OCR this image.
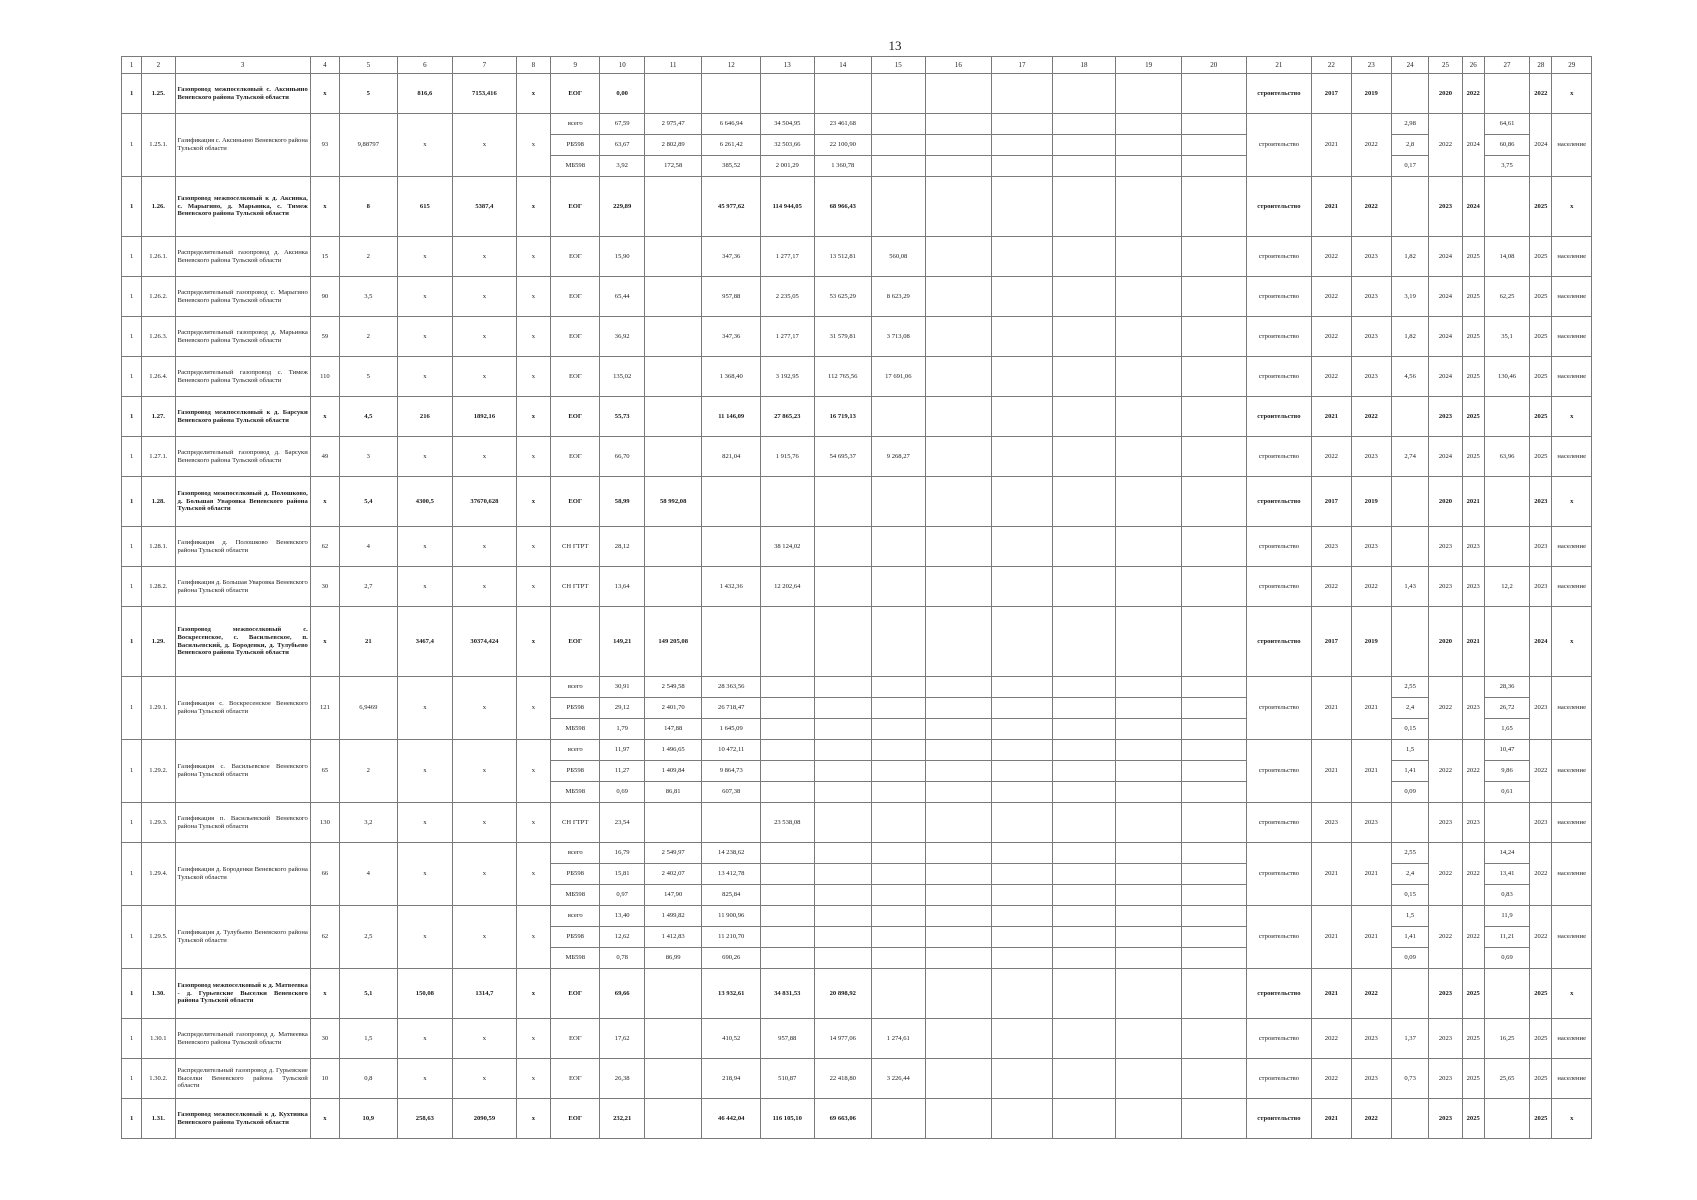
13
1	2	3	4	5	6	7	8	9	10	11	12	13	14	15	16	17	18	19	20	21	22	23	24	25	26	27	28	29
1	1.25.	Газопровод межпоселковый с. Аксиньино Веневского района Тульской области	х	5	816,6	7153,416	х	ЕОГ	0,00											строительство	2017	2019		2020	2022		2022	х
1	1.25.1.	Газификация с. Аксиньино Веневского района Тульской области	93	9,88797	х	х	х	всего	67,59	2 975,47	6 646,94	34 504,95	23 461,68							строительство	2021	2022	2,98	2022	2024	64,61	2024	население
								РБ598	63,67	2 802,89	6 261,42	32 503,66	22 100,90										2,8			60,86		
								МБ598	3,92	172,58	385,52	2 001,29	1 360,78										0,17			3,75		
1	1.26.	Газопровод межпоселковый к д. Аксинка, с. Марыгино, д. Марьинка, с. Тимеж Веневского района Тульской области	х	8	615	5387,4	х	ЕОГ	229,89		45 977,62	114 944,05	68 966,43							строительство	2021	2022		2023	2024		2025	х
1	1.26.1.	Распределительный газопровод д. Аксинка Веневского района Тульской области	15	2	х	х	х	ЕОГ	15,90		347,36	1 277,17	13 512,81	560,08						строительство	2022	2023	1,82	2024	2025	14,08	2025	население
1	1.26.2.	Распределительный газопровод с. Марыгино Веневского района Тульской области	90	3,5	х	х	х	ЕОГ	65,44		957,88	2 235,05	53 625,29	8 623,29						строительство	2022	2023	3,19	2024	2025	62,25	2025	население
1	1.26.3.	Распределительный газопровод д. Марьинка Веневского района Тульской области	59	2	х	х	х	ЕОГ	36,92		347,36	1 277,17	31 579,81	3 713,08						строительство	2022	2023	1,82	2024	2025	35,1	2025	население
1	1.26.4.	Распределительный газопровод с. Тимеж Веневского района Тульской области	110	5	х	х	х	ЕОГ	135,02		1 368,40	3 192,95	112 765,56	17 691,06						строительство	2022	2023	4,56	2024	2025	130,46	2025	население
1	1.27.	Газопровод межпоселковый к д. Барсуки Веневского района Тульской области	х	4,5	216	1892,16	х	ЕОГ	55,73		11 146,09	27 865,23	16 719,13							строительство	2021	2022		2023	2025		2025	х
1	1.27.1.	Распределительный газопровод д. Барсуки Веневского района Тульской области	49	3	х	х	х	ЕОГ	66,70		821,04	1 915,76	54 695,37	9 268,27						строительство	2022	2023	2,74	2024	2025	63,96	2025	население
1	1.28.	Газопровод межпоселковый д. Полошково, д. Большая Уваровка Веневского района Тульской области	х	5,4	4300,5	37670,628	х	ЕОГ	58,99	58 992,08										строительство	2017	2019		2020	2021		2023	х
1	1.28.1.	Газификация д. Полошково Веневского района Тульской области	62	4	х	х	х	СН ГТРТ	28,12			38 124,02								строительство	2023	2023		2023	2023		2023	население
1	1.28.2.	Газификация д. Большая Уваровка Веневского района Тульской области	30	2,7	х	х	х	СН ГТРТ	13,64		1 432,36	12 202,64								строительство	2022	2022	1,43	2023	2023	12,2	2023	население
1	1.29.	Газопровод межпоселковый с. Воскресенское, с. Васильевское, п. Васильевский, д. Бороденки, д. Тулубьево Веневского района Тульской области	х	21	3467,4	30374,424	х	ЕОГ	149,21	149 205,08										строительство	2017	2019		2020	2021		2024	х
1	1.29.1.	Газификация с. Воскресенское Веневского района Тульской области	121	6,9469	х	х	х	всего	30,91	2 549,58	28 363,56									строительство	2021	2021	2,55	2022	2023	28,36	2023	население
								РБ598	29,12	2 401,70	26 718,47												2,4			26,72		
								МБ598	1,79	147,88	1 645,09												0,15			1,65		
1	1.29.2.	Газификация с. Васильевское Веневского района Тульской области	65	2	х	х	х	всего	11,97	1 496,65	10 472,11									строительство	2021	2021	1,5	2022	2022	10,47	2022	население
								РБ598	11,27	1 409,84	9 864,73												1,41			9,86		
								МБ598	0,69	86,81	607,38												0,09			0,61		
1	1.29.3.	Газификация п. Васильевский Веневского района Тульской области	130	3,2	х	х	х	СН ГТРТ	23,54			23 538,08								строительство	2023	2023		2023	2023		2023	население
1	1.29.4.	Газификация д. Бороденки Веневского района Тульской области	66	4	х	х	х	всего	16,79	2 549,97	14 238,62									строительство	2021	2021	2,55	2022	2022	14,24	2022	население
								РБ598	15,81	2 402,07	13 412,78												2,4			13,41		
								МБ598	0,97	147,90	825,84												0,15			0,83		
1	1.29.5.	Газификация д. Тулубьево Веневского района Тульской области	62	2,5	х	х	х	всего	13,40	1 499,82	11 900,96									строительство	2021	2021	1,5	2022	2022	11,9	2022	население
								РБ598	12,62	1 412,83	11 210,70												1,41			11,21		
								МБ598	0,78	86,99	690,26												0,09			0,69		
1	1.30.	Газопровод межпоселковый к д. Матвеевка - д. Гурьевские Выселки Веневского района Тульской области	х	5,1	150,08	1314,7	х	ЕОГ	69,66		13 932,61	34 831,53	20 898,92							строительство	2021	2022		2023	2025		2025	х
1	1.30.1	Распределительный газопровод д. Матвеевка Веневского района Тульской области	30	1,5	х	х	х	ЕОГ	17,62		410,52	957,88	14 977,06	1 274,61						строительство	2022	2023	1,37	2023	2025	16,25	2025	население
1	1.30.2.	Распределительный газопровод д. Гурьевские Выселки Веневского района Тульской области	10	0,8	х	х	х	ЕОГ	26,38		218,94	510,87	22 418,80	3 226,44						строительство	2022	2023	0,73	2023	2025	25,65	2025	население
1	1.31.	Газопровод межпоселковый к д. Кухтинка Веневского района Тульской области	х	10,9	258,63	2090,59	х	ЕОГ	232,21		46 442,04	116 105,10	69 663,06							строительство	2021	2022		2023	2025		2025	х
